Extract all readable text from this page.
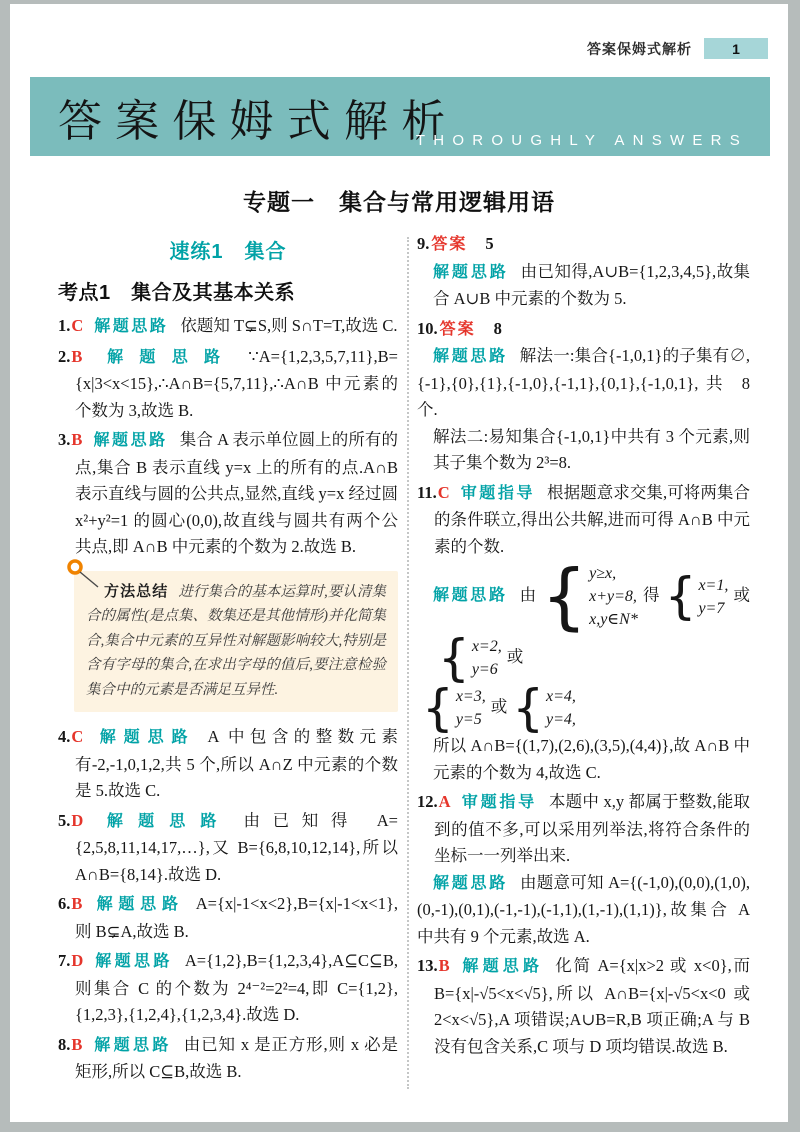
答案保姆式解析	1
答案保姆式解析
THOROUGHLY ANSWERS
专题一　集合与常用逻辑用语
速练1　集合
考点1　集合及其基本关系
1.C 解题思路 依题知 T⊊S,则 S∩T=T,故选 C.
2.B 解题思路 ∵A={1,2,3,5,7,11},B={x|3<x<15},∴A∩B={5,7,11},∴A∩B 中元素的个数为 3,故选 B.
3.B 解题思路 集合 A 表示单位圆上的所有的点,集合 B 表示直线 y=x 上的所有的点.A∩B 表示直线与圆的公共点,显然,直线 y=x 经过圆 x²+y²=1 的圆心(0,0),故直线与圆共有两个公共点,即 A∩B 中元素的个数为 2.故选 B.
方法总结 进行集合的基本运算时,要认清集合的属性(是点集、数集还是其他情形)并化简集合,集合中元素的互异性对解题影响较大,特别是含有字母的集合,在求出字母的值后,要注意检验集合中的元素是否满足互异性.
4.C 解题思路 A 中包含的整数元素有-2,-1,0,1,2,共 5 个,所以 A∩Z 中元素的个数是 5.故选 C.
5.D 解题思路 由已知得 A={2,5,8,11,14,17,…},又 B={6,8,10,12,14},所以 A∩B={8,14}.故选 D.
6.B 解题思路 A={x|-1<x<2},B={x|-1<x<1},则 B⊊A,故选 B.
7.D 解题思路 A={1,2},B={1,2,3,4},A⊆C⊆B,则集合 C 的个数为 2⁴⁻²=2²=4,即 C={1,2},{1,2,3},{1,2,4},{1,2,3,4}.故选 D.
8.B 解题思路 由已知 x 是正方形,则 x 必是矩形,所以 C⊆B,故选 B.
9. 答案 5
解题思路 由已知得,A∪B={1,2,3,4,5},故集合 A∪B 中元素的个数为 5.
10. 答案 8
解题思路 解法一:集合{-1,0,1}的子集有∅,{-1},{0},{1},{-1,0},{-1,1},{0,1},{-1,0,1},共 8 个.
解法二:易知集合{-1,0,1}中共有 3 个元素,则其子集个数为 2³=8.
11.C 审题指导 根据题意求交集,可将两集合的条件联立,得出公共解,进而可得 A∩B 中元素的个数.
解题思路 由 { y≥x,
x+y=8,
x,y∈N*
得 { x=1,
y=7
或
{ x=2,
y=6
或
{ x=3,
y=5
或 { x=4,
y=4,
所以 A∩B={(1,7),(2,6),(3,5),(4,4)},故 A∩B 中元素的个数为 4,故选 C.
12.A 审题指导 本题中 x,y 都属于整数,能取到的值不多,可以采用列举法,将符合条件的坐标一一列举出来.
解题思路 由题意可知 A={(-1,0),(0,0),(1,0),(0,-1),(0,1),(-1,-1),(-1,1),(1,-1),(1,1)},故集合 A 中共有 9 个元素,故选 A.
13.B 解题思路 化简 A={x|x>2 或 x<0},而 B={x|-√5<x<√5},所以 A∩B={x|-√5<x<0 或 2<x<√5},A 项错误;A∪B=R,B 项正确;A 与 B 没有包含关系,C 项与 D 项均错误.故选 B.
